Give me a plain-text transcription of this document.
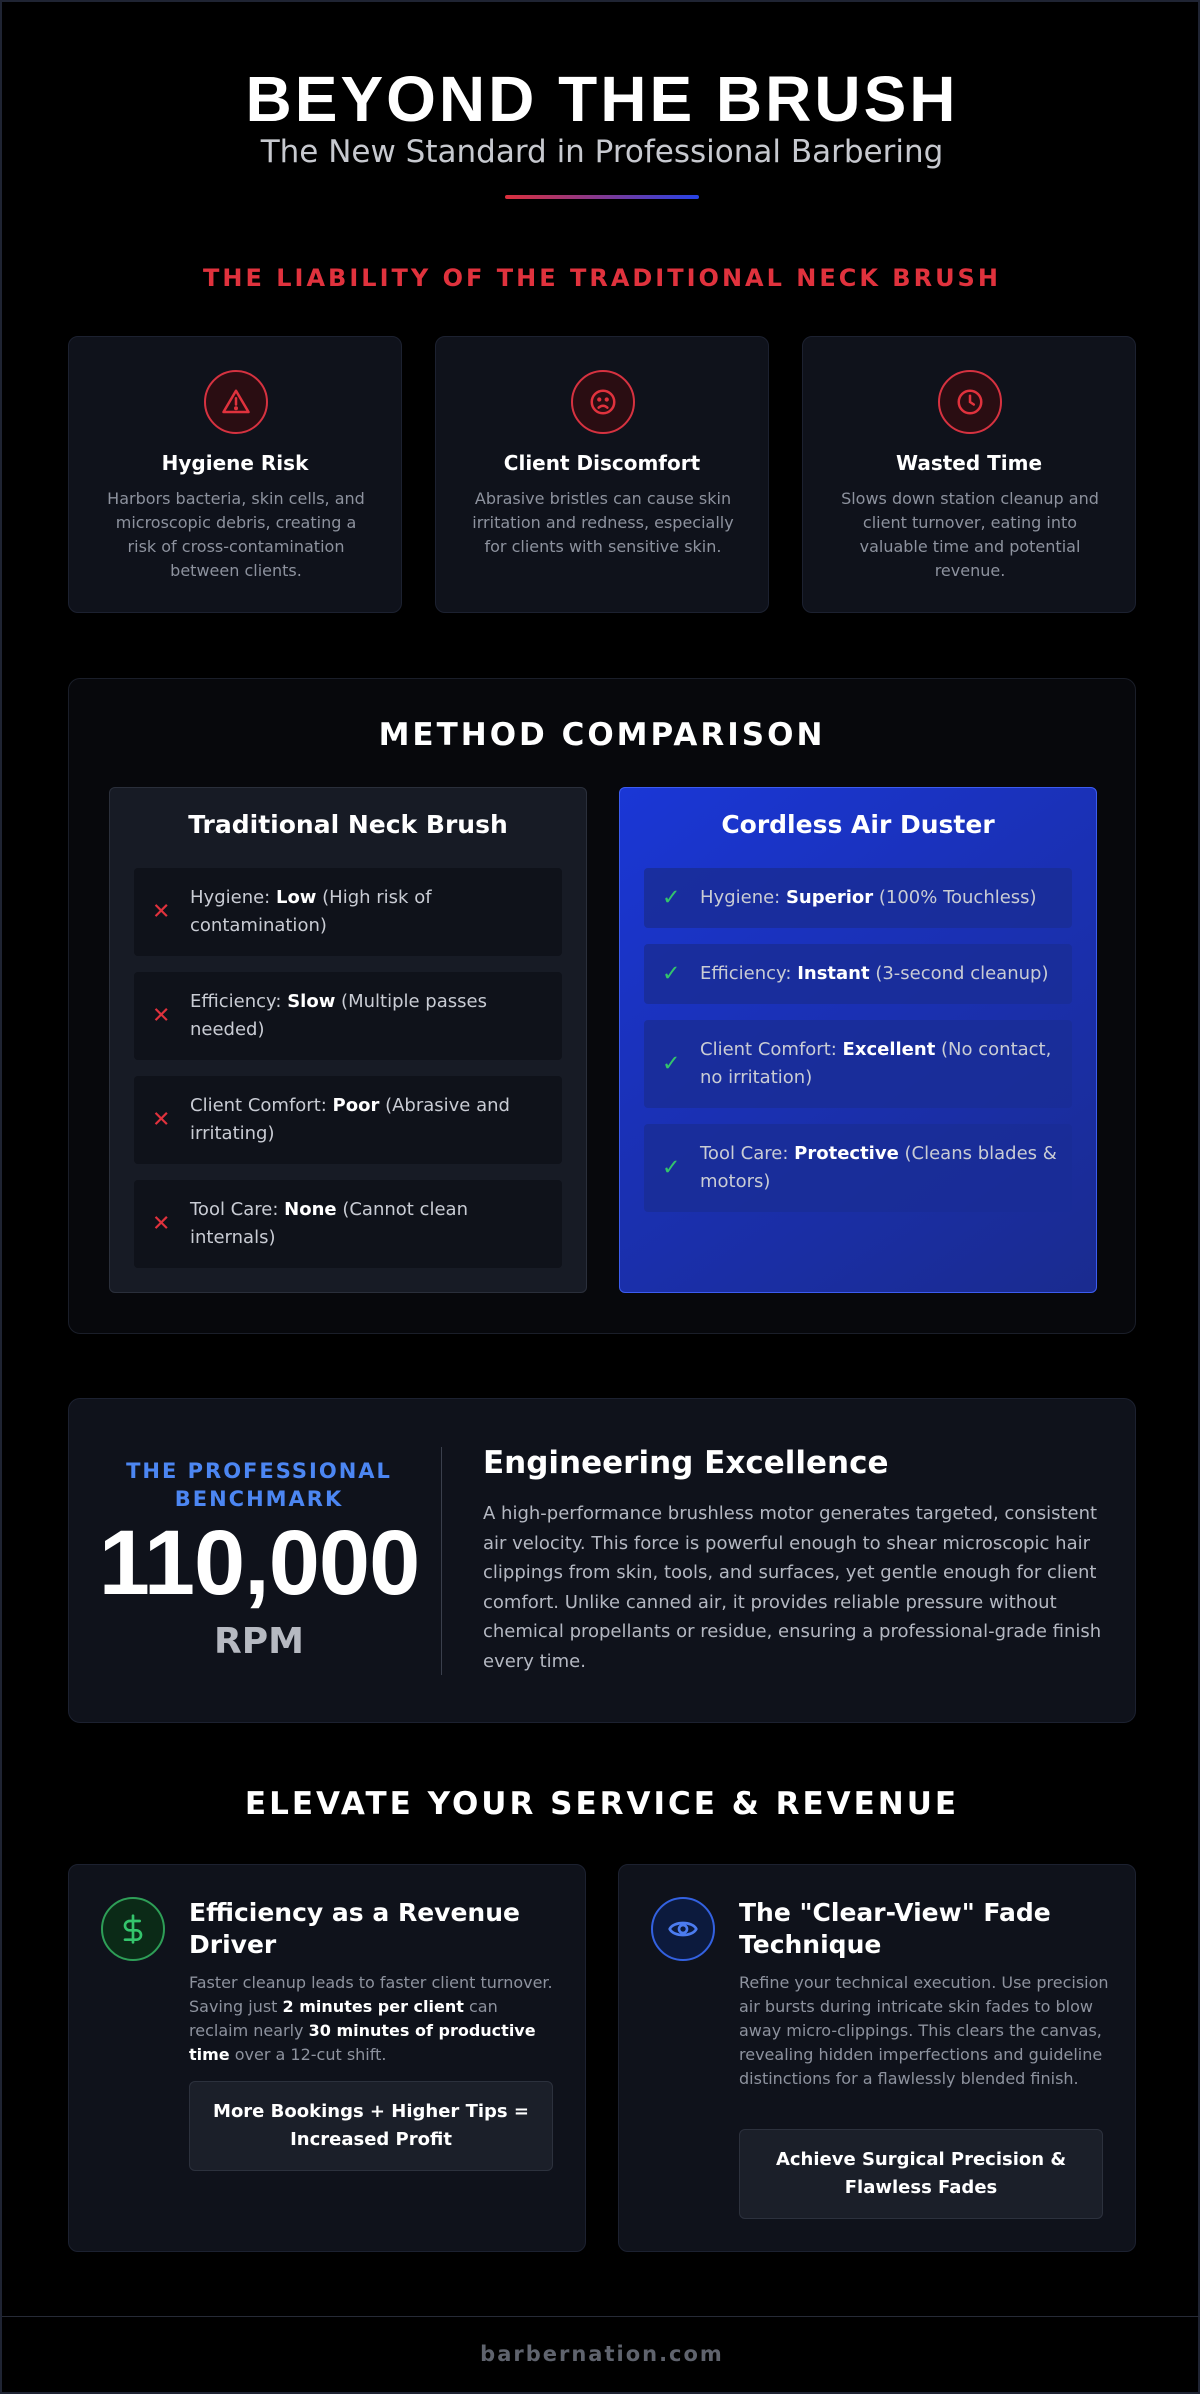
BEYOND THE BRUSH
The New Standard in Professional Barbering
THE LIABILITY OF THE TRADITIONAL NECK BRUSH
Hygiene Risk
Harbors bacteria, skin cells, and microscopic debris, creating a risk of cross-contamination between clients.
Client Discomfort
Abrasive bristles can cause skin irritation and redness, especially for clients with sensitive skin.
Wasted Time
Slows down station cleanup and client turnover, eating into valuable time and potential revenue.
METHOD COMPARISON
Traditional Neck Brush
✕
Hygiene: Low (High risk of contamination)
✕
Efficiency: Slow (Multiple passes needed)
✕
Client Comfort: Poor (Abrasive and irritating)
✕
Tool Care: None (Cannot clean internals)
Cordless Air Duster
✓ Hygiene: Superior (100% Touchless)
✓ Efficiency: Instant (3-second cleanup)
✓
Client Comfort: Excellent (No contact, no irritation)
✓
Tool Care: Protective (Cleans blades & motors)
THE PROFESSIONAL BENCHMARK
110,000
RPM
Engineering Excellence
A high-performance brushless motor generates targeted, consistent air velocity. This force is powerful enough to shear microscopic hair clippings from skin, tools, and surfaces, yet gentle enough for client comfort. Unlike canned air, it provides reliable pressure without chemical propellants or residue, ensuring a professional-grade finish every time.
ELEVATE YOUR SERVICE & REVENUE
Efficiency as a Revenue Driver
Faster cleanup leads to faster client turnover. Saving just 2 minutes per client can reclaim nearly 30 minutes of productive time over a 12-cut shift.
More Bookings + Higher Tips = Increased Profit
The "Clear-View" Fade Technique
Refine your technical execution. Use precision air bursts during intricate skin fades to blow away micro-clippings. This clears the canvas, revealing hidden imperfections and guideline distinctions for a flawlessly blended finish.
Achieve Surgical Precision & Flawless Fades
barbernation.com
